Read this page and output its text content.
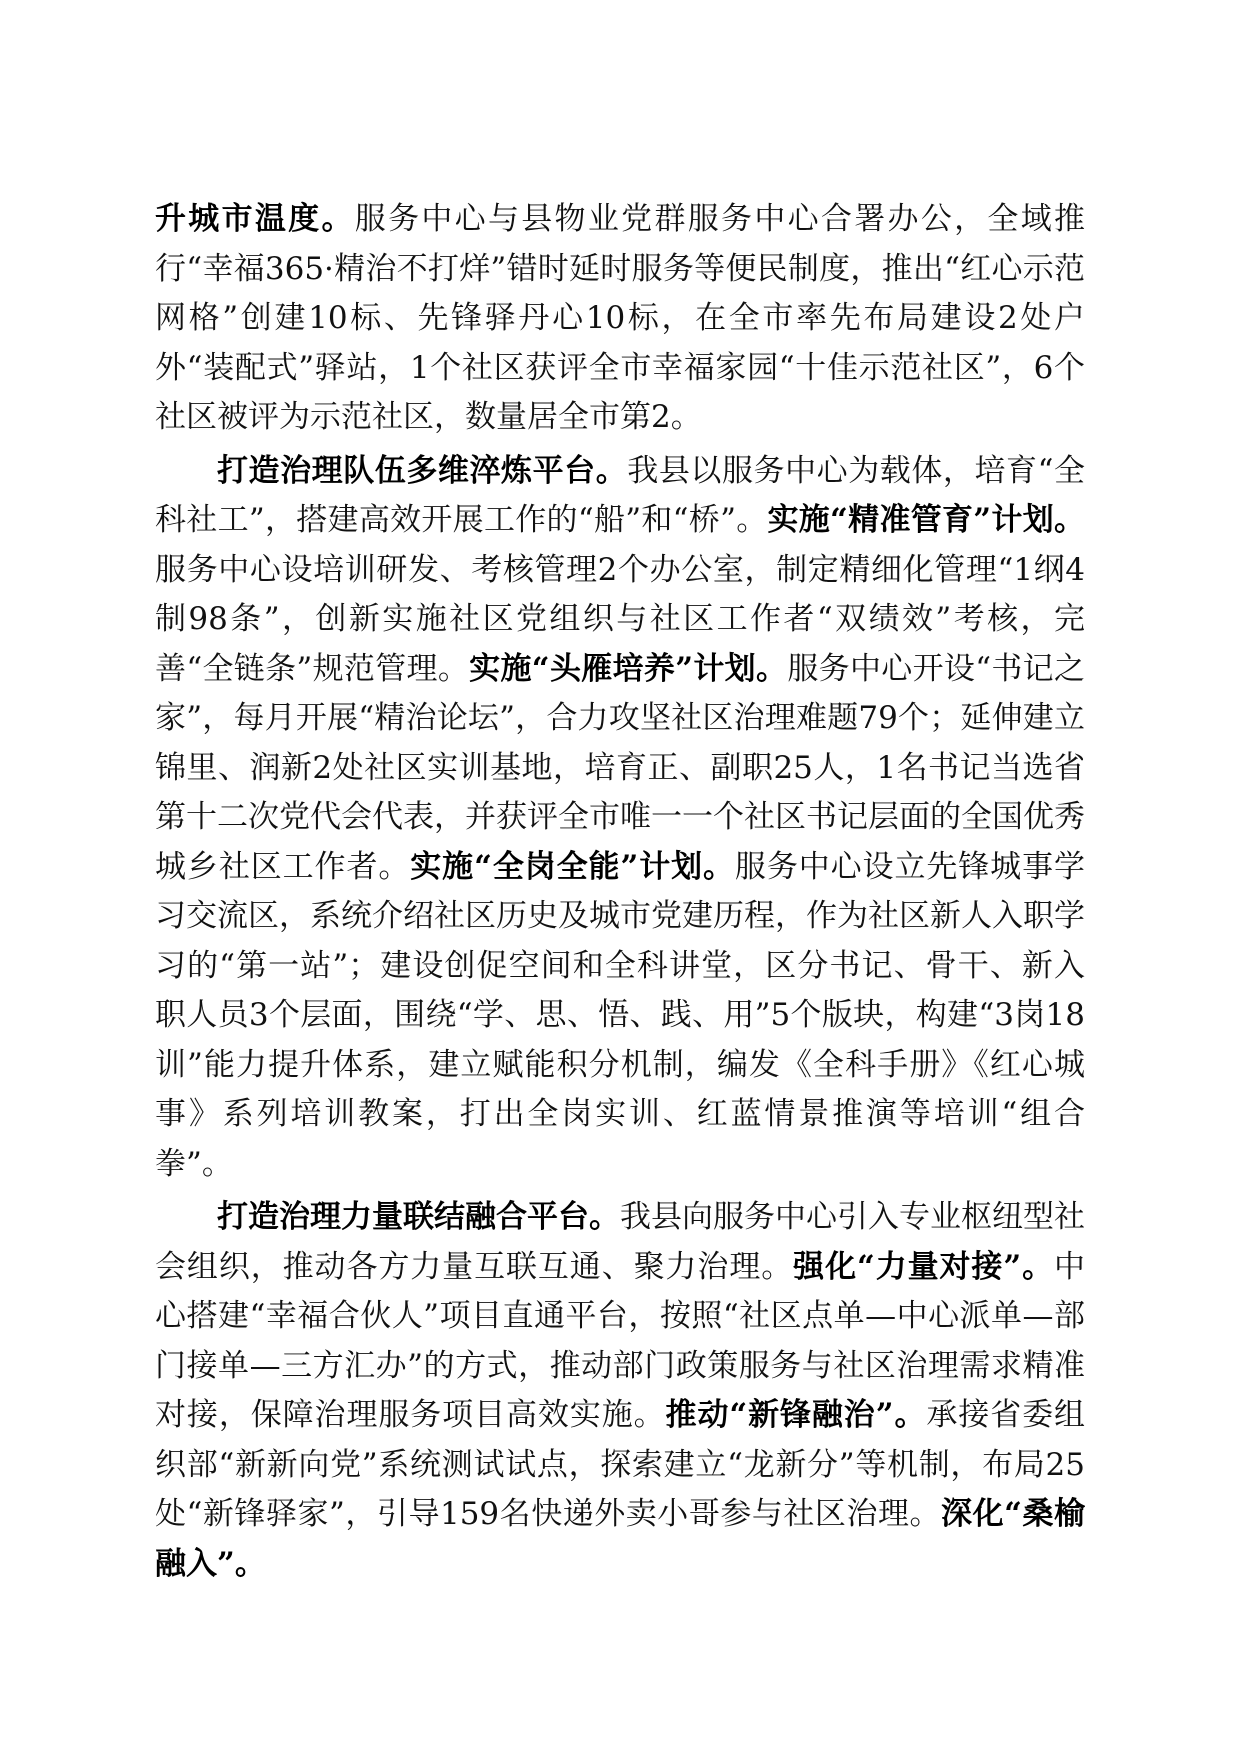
升城市温度。服务中心与县物业党群服务中心合署办公，全域推行“幸福365·精治不打烊”错时延时服务等便民制度，推出“红心示范网格”创建10标、先锋驿丹心10标，在全市率先布局建设2处户外“装配式”驿站，1个社区获评全市幸福家园“十佳示范社区”，6个社区被评为示范社区，数量居全市第2。

打造治理队伍多维淬炼平台。我县以服务中心为载体，培育“全科社工”，搭建高效开展工作的“船”和“桥”。实施“精准管育”计划。服务中心设培训研发、考核管理2个办公室，制定精细化管理“1纲4制98条”，创新实施社区党组织与社区工作者“双绩效”考核，完善“全链条”规范管理。实施“头雁培养”计划。服务中心开设“书记之家”，每月开展“精治论坛”，合力攻坚社区治理难题79个；延伸建立锦里、润新2处社区实训基地，培育正、副职25人，1名书记当选省第十二次党代会代表，并获评全市唯一一个社区书记层面的全国优秀城乡社区工作者。实施“全岗全能”计划。服务中心设立先锋城事学习交流区，系统介绍社区历史及城市党建历程，作为社区新人入职学习的“第一站”；建设创促空间和全科讲堂，区分书记、骨干、新入职人员3个层面，围绕“学、思、悟、践、用”5个版块，构建“3岗18训”能力提升体系，建立赋能积分机制，编发《全科手册》《红心城事》系列培训教案，打出全岗实训、红蓝情景推演等培训“组合拳”。

打造治理力量联结融合平台。我县向服务中心引入专业枢纽型社会组织，推动各方力量互联互通、聚力治理。强化“力量对接”。中心搭建“幸福合伙人”项目直通平台，按照“社区点单—中心派单—部门接单—三方汇办”的方式，推动部门政策服务与社区治理需求精准对接，保障治理服务项目高效实施。推动“新锋融治”。承接省委组织部“新新向党”系统测试试点，探索建立“龙新分”等机制，布局25处“新锋驿家”，引导159名快递外卖小哥参与社区治理。深化“桑榆融入”。
